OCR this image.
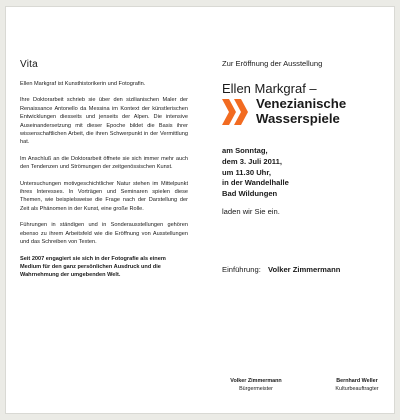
Vita

Ellen Markgraf ist Kunsthistorikerin und Fotografin.

Ihre Doktorarbeit schrieb sie über den sizilianischen Maler der Renaissance Antonello da Messina im Kontext der künstlerischen Entwicklungen diesseits und jenseits der Alpen. Die intensive Auseinandersetzung mit dieser Epoche bildet die Basis ihrer wissenschaftlichen Arbeit, die ihren Schwerpunkt in der Vermittlung hat.

Im Anschluß an die Doktorarbeit öffnete sie sich immer mehr auch den Tendenzen und Strömungen der zeitgenössischen Kunst.

Untersuchungen motivgeschichtlicher Natur stehen im Mittelpunkt ihres Interesses. In Vorträgen und Seminaren spielen diese Themen, wie beispielsweise die Frage nach der Darstellung der Zeit als Phänomen in der Kunst, eine große Rolle.

Führungen in ständigen und in Sonderausstellungen gehören ebenso zu ihrem Arbeitsfeld wie die Eröffnung von Ausstellungen und das Schreiben von Texten.

Seit 2007 engagiert sie sich in der Fotografie als einem Medium für den ganz persönlichen Ausdruck und die Wahrnehmung der umgebenden Welt.

Zur Eröffnung der Ausstellung
Ellen Markgraf –
Venezianische
Wasserspiele
am Sonntag,
dem 3. Juli 2011,
um 11.30 Uhr,
in der Wandelhalle
Bad Wildungen
laden wir Sie ein.
Einführung: Volker Zimmermann
Volker Zimmermann
Bürgermeister
Bernhard Weller
Kulturbeauftragter
